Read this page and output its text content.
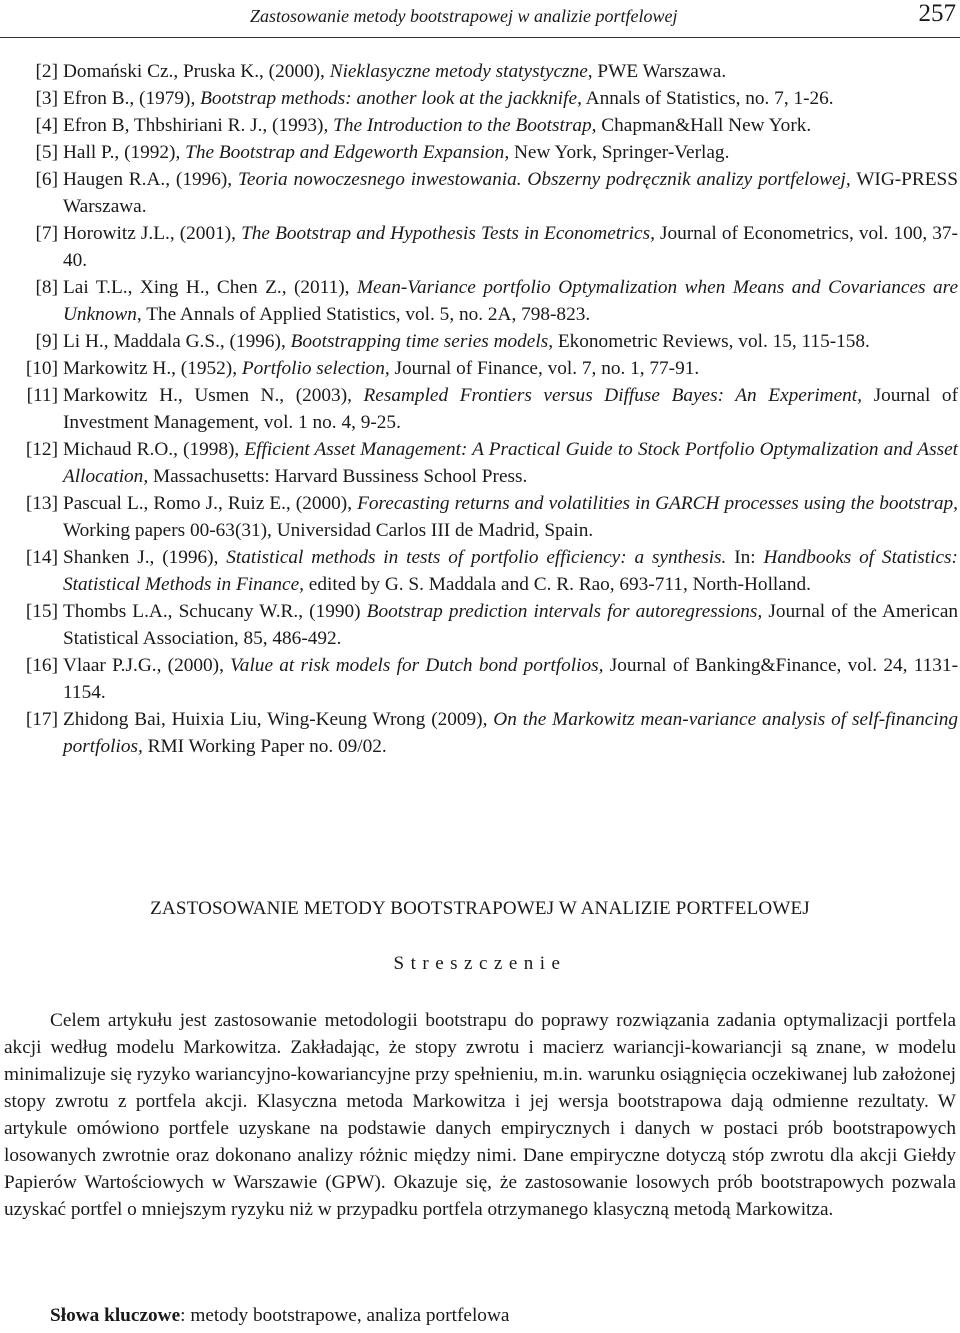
Zastosowanie metody bootstrapowej w analizie portfelowej	257
[2] Domański Cz., Pruska K., (2000), Nieklasyczne metody statystyczne, PWE Warszawa.
[3] Efron B., (1979), Bootstrap methods: another look at the jackknife, Annals of Statistics, no. 7, 1-26.
[4] Efron B, Thbshiriani R. J., (1993), The Introduction to the Bootstrap, Chapman&Hall New York.
[5] Hall P., (1992), The Bootstrap and Edgeworth Expansion, New York, Springer-Verlag.
[6] Haugen R.A., (1996), Teoria nowoczesnego inwestowania. Obszerny podręcznik analizy portfelowej, WIG-PRESS Warszawa.
[7] Horowitz J.L., (2001), The Bootstrap and Hypothesis Tests in Econometrics, Journal of Econometrics, vol. 100, 37-40.
[8] Lai T.L., Xing H., Chen Z., (2011), Mean-Variance portfolio Optymalization when Means and Covariances are Unknown, The Annals of Applied Statistics, vol. 5, no. 2A, 798-823.
[9] Li H., Maddala G.S., (1996), Bootstrapping time series models, Ekonometric Reviews, vol. 15, 115-158.
[10] Markowitz H., (1952), Portfolio selection, Journal of Finance, vol. 7, no. 1, 77-91.
[11] Markowitz H., Usmen N., (2003), Resampled Frontiers versus Diffuse Bayes: An Experiment, Journal of Investment Management, vol. 1 no. 4, 9-25.
[12] Michaud R.O., (1998), Efficient Asset Management: A Practical Guide to Stock Portfolio Optymalization and Asset Allocation, Massachusetts: Harvard Bussiness School Press.
[13] Pascual L., Romo J., Ruiz E., (2000), Forecasting returns and volatilities in GARCH processes using the bootstrap, Working papers 00-63(31), Universidad Carlos III de Madrid, Spain.
[14] Shanken J., (1996), Statistical methods in tests of portfolio efficiency: a synthesis. In: Handbooks of Statistics: Statistical Methods in Finance, edited by G. S. Maddala and C. R. Rao, 693-711, North-Holland.
[15] Thombs L.A., Schucany W.R., (1990) Bootstrap prediction intervals for autoregressions, Journal of the American Statistical Association, 85, 486-492.
[16] Vlaar P.J.G., (2000), Value at risk models for Dutch bond portfolios, Journal of Banking&Finance, vol. 24, 1131-1154.
[17] Zhidong Bai, Huixia Liu, Wing-Keung Wrong (2009), On the Markowitz mean-variance analysis of self-financing portfolios, RMI Working Paper no. 09/02.
ZASTOSOWANIE METODY BOOTSTRAPOWEJ W ANALIZIE PORTFELOWEJ
Streszczenie
Celem artykułu jest zastosowanie metodologii bootstrapu do poprawy rozwiązania zadania optymalizacji portfela akcji według modelu Markowitza. Zakładając, że stopy zwrotu i macierz wariancji-kowariancji są znane, w modelu minimalizuje się ryzyko wariancyjno-kowariancyjne przy spełnieniu, m.in. warunku osiągnięcia oczekiwanej lub założonej stopy zwrotu z portfela akcji. Klasyczna metoda Markowitza i jej wersja bootstrapowa dają odmienne rezultaty. W artykule omówiono portfele uzyskane na podstawie danych empirycznych i danych w postaci prób bootstrapowych losowanych zwrotnie oraz dokonano analizy różnic między nimi. Dane empiryczne dotyczą stóp zwrotu dla akcji Giełdy Papierów Wartościowych w Warszawie (GPW). Okazuje się, że zastosowanie losowych prób bootstrapowych pozwala uzyskać portfel o mniejszym ryzyku niż w przypadku portfela otrzymanego klasyczną metodą Markowitza.
Słowa kluczowe: metody bootstrapowe, analiza portfelowa
